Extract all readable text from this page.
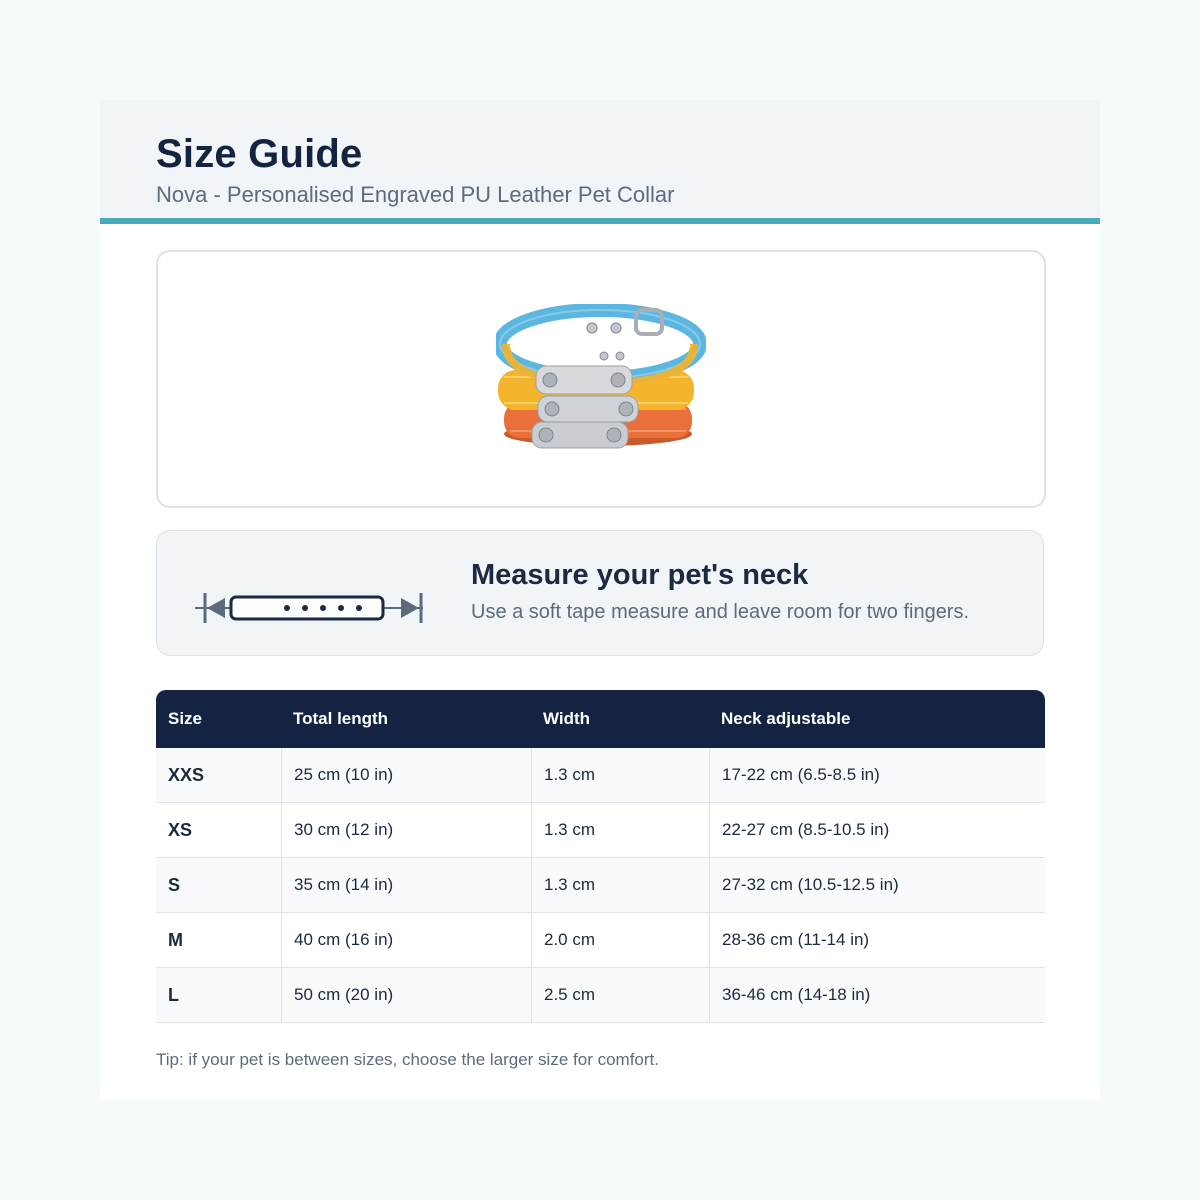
Size Guide

Nova - Personalised Engraved PU Leather Pet Collar

Measure your pet's neck
Use a soft tape measure and leave room for two fingers.
Size	Total length	Width	Neck adjustable
XXS	25 cm (10 in)	1.3 cm	17-22 cm (6.5-8.5 in)
XS	30 cm (12 in)	1.3 cm	22-27 cm (8.5-10.5 in)
S	35 cm (14 in)	1.3 cm	27-32 cm (10.5-12.5 in)
M	40 cm (16 in)	2.0 cm	28-36 cm (11-14 in)
L	50 cm (20 in)	2.5 cm	36-46 cm (14-18 in)
Tip: if your pet is between sizes, choose the larger size for comfort.
